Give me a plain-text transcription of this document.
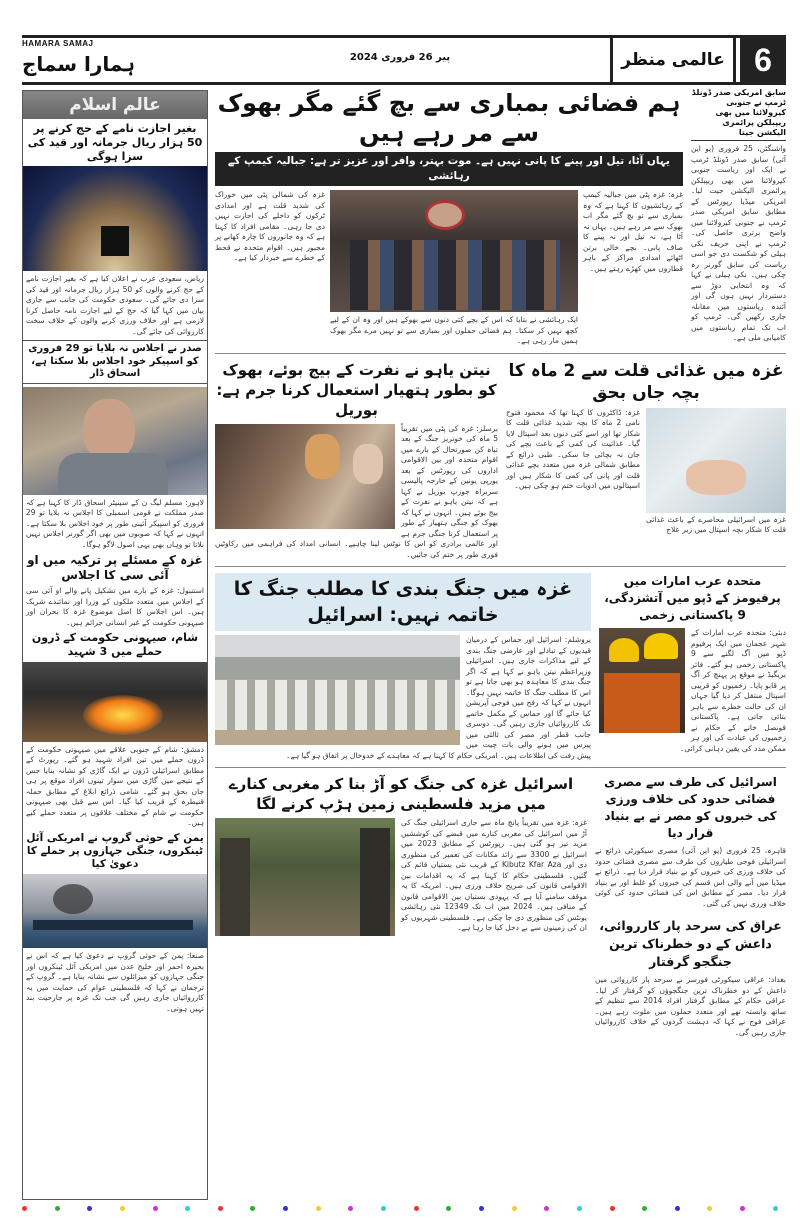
HAMARA SAMAJ
ہمارا سماج	پیر 26 فروری 2024	عالمی منظر 6
عالم اسلام
بغیر اجازت نامے کے حج کرنے پر 50 ہزار ریال جرمانہ اور قید کی سزا ہوگی
ریاض، سعودی عرب نے اعلان کیا ہے کہ بغیر اجازت نامے کے حج کرنے والوں کو 50 ہزار ریال جرمانہ اور قید کی سزا دی جائے گی۔ سعودی حکومت کی جانب سے جاری بیان میں کہا گیا کہ حج کے لیے اجازت نامہ حاصل کرنا لازمی ہے اور خلاف ورزی کرنے والوں کے خلاف سخت کارروائی کی جائے گی۔
صدر نے اجلاس نہ بلایا تو 29 فروری کو اسپیکر خود اجلاس بلا سکتا ہے، اسحاق ڈار
لاہور: مسلم لیگ ن کے سینیٹر اسحاق ڈار کا کہنا ہے کہ صدر مملکت نے قومی اسمبلی کا اجلاس نہ بلایا تو 29 فروری کو اسپیکر آئینی طور پر خود اجلاس بلا سکتا ہے۔ انہوں نے کہا کہ صوبوں میں بھی اگر گورنر اجلاس نہیں بلاتا تو وہاں بھی یہی اصول لاگو ہوگا۔
غزہ کے مسئلے پر ترکیہ میں او آئی سی کا اجلاس
استنبول: غزہ کے بارے میں تشکیل پانے والے او آئی سی کے اجلاس میں متعدد ملکوں کے وزرا اور نمائندے شریک ہیں۔ اس اجلاس کا اصل موضوع غزہ کا بحران اور صیہونی حکومت کے غیر انسانی جرائم ہیں۔
شام، صیہونی حکومت کے ڈرون حملے میں 3 شہید
دمشق: شام کے جنوبی علاقے میں صیہونی حکومت کے ڈرون حملے میں تین افراد شہید ہو گئے۔ رپورٹ کے مطابق اسرائیلی ڈرون نے ایک گاڑی کو نشانہ بنایا جس کے نتیجے میں گاڑی میں سوار تینوں افراد موقع پر ہی جاں بحق ہو گئے۔ شامی ذرائع ابلاغ کے مطابق حملہ قنیطرہ کے قریب کیا گیا۔ اس سے قبل بھی صیہونی حکومت نے شام کے مختلف علاقوں پر متعدد حملے کیے ہیں۔
یمن کے حوثی گروپ نے امریکی آئل ٹینکروں، جنگی جہازوں پر حملے کا دعویٰ کیا
صنعا: یمن کے حوثی گروپ نے دعویٰ کیا ہے کہ اس نے بحیرہ احمر اور خلیج عدن میں امریکی آئل ٹینکروں اور جنگی جہازوں کو میزائلوں سے نشانہ بنایا ہے۔ گروپ کے ترجمان نے کہا کہ فلسطینی عوام کی حمایت میں یہ کارروائیاں جاری رہیں گی جب تک غزہ پر جارحیت بند نہیں ہوتی۔
ہم فضائی بمباری سے بچ گئے مگر بھوک سے مر رہے ہیں
یہاں آٹا، تیل اور پینے کا پانی نہیں ہے۔ موت بہتر، وافر اور عزیز تر ہے: جبالیہ کیمپ کے رہائشی
غزہ کی شمالی پٹی میں خوراک کی شدید قلت ہے اور امدادی ٹرکوں کو داخلے کی اجازت نہیں دی جا رہی۔ مقامی افراد کا کہنا ہے کہ وہ جانوروں کا چارہ کھانے پر مجبور ہیں۔ اقوام متحدہ نے قحط کے خطرے سے خبردار کیا ہے۔
ایک رہائشی نے بتایا کہ اس کے بچے کئی دنوں سے بھوکے ہیں اور وہ ان کے لیے کچھ نہیں کر سکتا۔ ہم فضائی حملوں اور بمباری سے تو نہیں مرے مگر بھوک ہمیں مار رہی ہے۔
غزہ: غزہ پٹی میں جبالیہ کیمپ کے رہائشیوں کا کہنا ہے کہ وہ بمباری سے تو بچ گئے مگر اب بھوک سے مر رہے ہیں۔ یہاں نہ آٹا ہے، نہ تیل اور نہ پینے کا صاف پانی۔ بچے خالی برتن اٹھائے امدادی مراکز کے باہر قطاروں میں کھڑے رہتے ہیں۔
سابق امریکی صدر ڈونلڈ ٹرمپ نے جنوبی کیرولائنا میں بھی ریپبلکن پرائمری الیکشن جیتا
واشنگٹن، 25 فروری (یو این آئی) سابق صدر ڈونلڈ ٹرمپ نے ایک اور ریاست جنوبی کیرولائنا میں بھی ریپبلکن پرائمری الیکشن جیت لیا۔ امریکی میڈیا رپورٹس کے مطابق سابق امریکی صدر ٹرمپ نے جنوبی کیرولائنا میں واضح برتری حاصل کی۔ ٹرمپ نے اپنی حریف نکی ہیلی کو شکست دی جو اسی ریاست کی سابق گورنر رہ چکی ہیں۔ نکی ہیلی نے کہا کہ وہ انتخابی دوڑ سے دستبردار نہیں ہوں گی اور آئندہ ریاستوں میں مقابلہ جاری رکھیں گی۔ ٹرمپ کو اب تک تمام ریاستوں میں کامیابی ملی ہے۔
نیتن یاہو نے نفرت کے بیج بوئے، بھوک کو بطور ہتھیار استعمال کرنا جرم ہے: بوریل
برسلز: غزہ کی پٹی میں تقریباً 5 ماہ کی خونریز جنگ کے بعد تباہ کن صورتحال کے بارے میں اقوام متحدہ اور بین الاقوامی اداروں کی رپورٹس کے بعد یورپی یونین کے خارجہ پالیسی سربراہ جوزپ بوریل نے کہا ہے کہ نیتن یاہو نے نفرت کے بیج بوئے ہیں۔ انہوں نے کہا کہ بھوک کو جنگی ہتھیار کے طور پر استعمال کرنا جنگی جرم ہے اور عالمی برادری کو اس کا نوٹس لینا چاہیے۔ انسانی امداد کی فراہمی میں رکاوٹیں فوری طور پر ختم کی جائیں۔
غزہ میں غذائی قلت سے 2 ماہ کا بچہ جاں بحق
غزہ میں اسرائیلی محاصرے کے باعث غذائی قلت کا شکار بچہ اسپتال میں زیر علاج
غزہ: ڈاکٹروں کا کہنا تھا کہ محمود فتوح نامی 2 ماہ کا بچہ شدید غذائی قلت کا شکار تھا اور اسے کئی دنوں بعد اسپتال لایا گیا۔ غذائیت کی کمی کے باعث بچے کی جان نہ بچائی جا سکی۔ طبی ذرائع کے مطابق شمالی غزہ میں متعدد بچے غذائی قلت اور پانی کی کمی کا شکار ہیں اور اسپتالوں میں ادویات ختم ہو چکی ہیں۔
غزہ میں جنگ بندی کا مطلب جنگ کا خاتمہ نہیں: اسرائیل
یروشلم: اسرائیل اور حماس کے درمیان قیدیوں کے تبادلے اور عارضی جنگ بندی کے لیے مذاکرات جاری ہیں۔ اسرائیلی وزیراعظم نیتن یاہو نے کہا ہے کہ اگر جنگ بندی کا معاہدہ ہو بھی جاتا ہے تو اس کا مطلب جنگ کا خاتمہ نہیں ہوگا۔ انہوں نے کہا کہ رفح میں فوجی آپریشن کیا جائے گا اور حماس کے مکمل خاتمے تک کارروائیاں جاری رہیں گی۔ دوسری جانب قطر اور مصر کی ثالثی میں پیرس میں ہونے والی بات چیت میں پیش رفت کی اطلاعات ہیں۔ امریکی حکام کا کہنا ہے کہ معاہدے کے خدوخال پر اتفاق ہو گیا ہے۔
متحدہ عرب امارات میں پرفیومز کے ڈپو میں آتشزدگی، 9 پاکستانی زخمی
دبئی: متحدہ عرب امارات کے شہر عجمان میں ایک پرفیوم ڈپو میں آگ لگنے سے 9 پاکستانی زخمی ہو گئے۔ فائر بریگیڈ نے موقع پر پہنچ کر آگ پر قابو پایا۔ زخمیوں کو قریبی اسپتال منتقل کر دیا گیا جہاں ان کی حالت خطرے سے باہر بتائی جاتی ہے۔ پاکستانی قونصل خانے کے حکام نے زخمیوں کی عیادت کی اور ہر ممکن مدد کی یقین دہانی کرائی۔
اسرائیل غزہ کی جنگ کو آڑ بنا کر مغربی کنارے میں مزید فلسطینی زمین ہڑپ کرنے لگا
غزہ: غزہ میں تقریباً پانچ ماہ سے جاری اسرائیلی جنگ کی آڑ میں اسرائیل کی مغربی کنارے میں قبضے کی کوششیں مزید تیز ہو گئی ہیں۔ رپورٹس کے مطابق 2023 میں اسرائیل نے 3300 سے زائد مکانات کی تعمیر کی منظوری دی اور Kibutz Kfar Aza کے قریب نئی بستیاں قائم کی گئیں۔ فلسطینی حکام کا کہنا ہے کہ یہ اقدامات بین الاقوامی قانون کی صریح خلاف ورزی ہیں۔ امریکہ کا یہ موقف سامنے آیا ہے کہ یہودی بستیاں بین الاقوامی قانون کے منافی ہیں۔ 2024 میں اب تک 12349 نئی رہائشی یونٹس کی منظوری دی جا چکی ہے۔ فلسطینی شہریوں کو ان کی زمینوں سے بے دخل کیا جا رہا ہے۔
اسرائیل کی طرف سے مصری فضائی حدود کی خلاف ورزی کی خبروں کو مصر نے بے بنیاد قرار دیا
قاہرہ، 25 فروری (یو این آئی) مصری سیکورٹی ذرائع نے اسرائیلی فوجی طیاروں کی طرف سے مصری فضائی حدود کی خلاف ورزی کی خبروں کو بے بنیاد قرار دیا ہے۔ ذرائع نے میڈیا میں آنے والی اس قسم کی خبروں کو غلط اور بے بنیاد قرار دیا۔ مصر کے مطابق اس کی فضائی حدود کی کوئی خلاف ورزی نہیں کی گئی۔
عراق کی سرحد پار کارروائی، داعش کے دو خطرناک ترین جنگجو گرفتار
بغداد: عراقی سیکورٹی فورسز نے سرحد پار کارروائی میں داعش کے دو خطرناک ترین جنگجوؤں کو گرفتار کر لیا۔ عراقی حکام کے مطابق گرفتار افراد 2014 سے تنظیم کے ساتھ وابستہ تھے اور متعدد حملوں میں ملوث رہے ہیں۔ عراقی فوج نے کہا کہ دہشت گردوں کے خلاف کارروائیاں جاری رہیں گی۔
